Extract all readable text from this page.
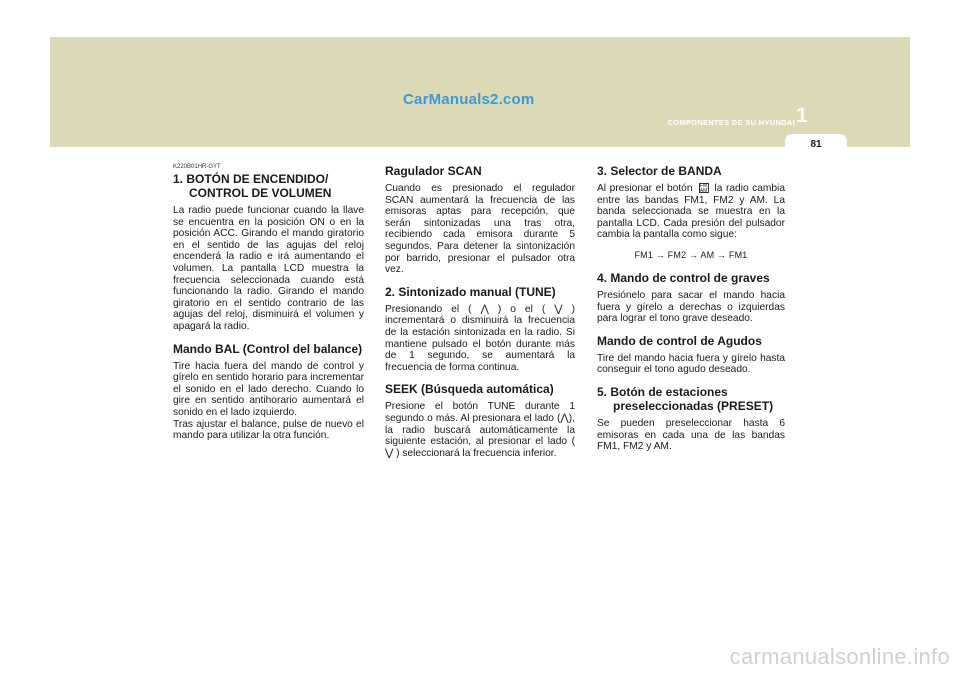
CarManuals2.com
COMPONENTES DE SU HYUNDAI 1
81
K220B01HR-GYT
1. BOTÓN DE ENCENDIDO/
CONTROL DE VOLUMEN

La radio puede funcionar cuando la llave se encuentra en la posición ON o en la posición ACC. Girando el mando giratorio en el sentido de las agujas del reloj encenderá la radio e irá aumentando el volumen. La pantalla LCD muestra la frecuencia seleccionada cuando está funcionando la radio. Girando el mando giratorio en el sentido contrario de las agujas del reloj, disminuirá el volumen y apagará la radio.

Mando BAL (Control del balance)

Tire hacia fuera del mando de control y gírelo en sentido horario para incrementar el sonido en el lado derecho. Cuando lo gire en sentido antihorario aumentará el sonido en el lado izquierdo.

Tras ajustar el balance, pulse de nuevo el mando para utilizar la otra función.

Ragulador SCAN

Cuando es presionado el regulador SCAN aumentará la frecuencia de las emisoras aptas para recepción, que serán sintonizadas una tras otra, recibiendo cada emisora durante 5 segundos. Para detener la sintonización por barrido, presionar el pulsador otra vez.

2. Sintonizado manual (TUNE)

Presionando el ( ⋀ ) o el ( ⋁ ) incrementará o disminuirá la frecuencia de la estación sintonizada en la radio. Si mantiene pulsado el botón durante más de 1 segundo, se aumentará la frecuencia de forma continua.

SEEK (Búsqueda automática)

Presione el botón TUNE durante 1 segundo o más. Al presionara el lado (⋀), la radio buscará automáticamente la siguiente estación, al presionar el lado ( ⋁ ) seleccionará la frecuencia inferior.

3. Selector de BANDA

Al presionar el botón FM AM la radio cambia entre las bandas FM1, FM2 y AM. La banda seleccionada se muestra en la pantalla LCD. Cada presión del pulsador cambia la pantalla como sigue:

FM1 → FM2 → AM → FM1
4. Mando de control de graves

Presiónelo para sacar el mando hacia fuera y gírelo a derechas o izquierdas para lograr el tono grave deseado.

Mando de control de Agudos

Tire del mando hacia fuera y gírelo hasta conseguir el tono agudo deseado.

5. Botón de estaciones
preseleccionadas (PRESET)

Se pueden preseleccionar hasta 6 emisoras en cada una de las bandas FM1, FM2 y AM.

carmanualsonline.info
